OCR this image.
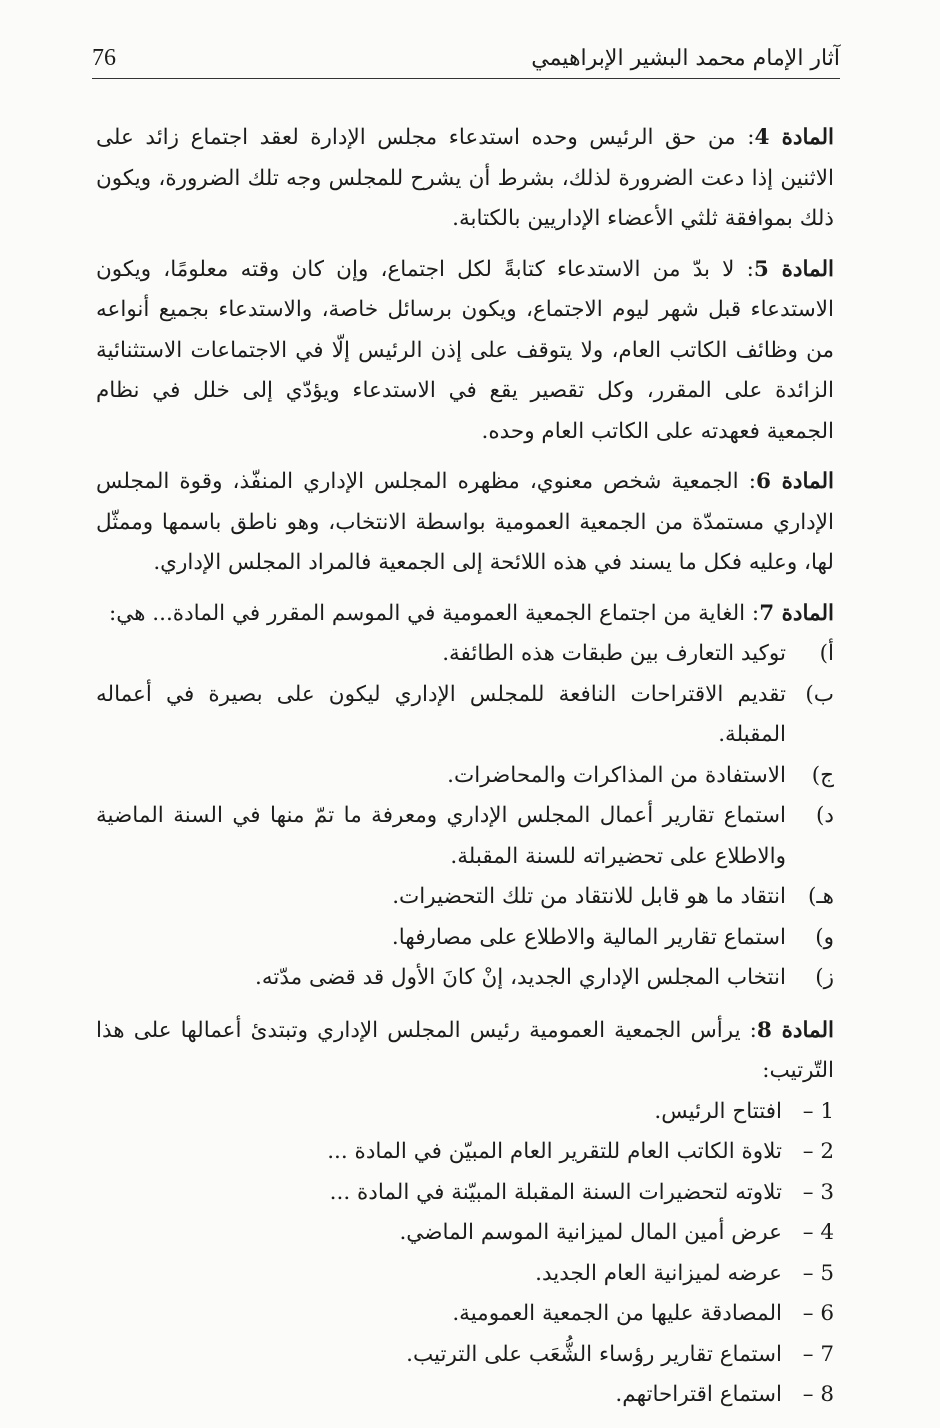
آثار الإمام محمد البشير الإبراهيمي
76

المادة 4: من حق الرئيس وحده استدعاء مجلس الإدارة لعقد اجتماع زائد على الاثنين إذا دعت الضرورة لذلك، بشرط أن يشرح للمجلس وجه تلك الضرورة، ويكون ذلك بموافقة ثلثي الأعضاء الإداريين بالكتابة.

المادة 5: لا بدّ من الاستدعاء كتابةً لكل اجتماع، وإن كان وقته معلومًا، ويكون الاستدعاء قبل شهر ليوم الاجتماع، ويكون برسائل خاصة، والاستدعاء بجميع أنواعه من وظائف الكاتب العام، ولا يتوقف على إذن الرئيس إلّا في الاجتماعات الاستثنائية الزائدة على المقرر، وكل تقصير يقع في الاستدعاء ويؤدّي إلى خلل في نظام الجمعية فعهدته على الكاتب العام وحده.

المادة 6: الجمعية شخص معنوي، مظهره المجلس الإداري المنفّذ، وقوة المجلس الإداري مستمدّة من الجمعية العمومية بواسطة الانتخاب، وهو ناطق باسمها وممثّل لها، وعليه فكل ما يسند في هذه اللائحة إلى الجمعية فالمراد المجلس الإداري.

المادة 7: الغاية من اجتماع الجمعية العمومية في الموسم المقرر في المادة... هي:

أ)
توكيد التعارف بين طبقات هذه الطائفة.
ب)
تقديم الاقتراحات النافعة للمجلس الإداري ليكون على بصيرة في أعماله المقبلة.
ج)
الاستفادة من المذاكرات والمحاضرات.
د)
استماع تقارير أعمال المجلس الإداري ومعرفة ما تمّ منها في السنة الماضية والاطلاع على تحضيراته للسنة المقبلة.
هـ)
انتقاد ما هو قابل للانتقاد من تلك التحضيرات.
و)
استماع تقارير المالية والاطلاع على مصارفها.
ز)
انتخاب المجلس الإداري الجديد، إنْ كانَ الأول قد قضى مدّته.

المادة 8: يرأس الجمعية العمومية رئيس المجلس الإداري وتبتدئ أعمالها على هذا التّرتيب:

1 –
افتتاح الرئيس.
2 –
تلاوة الكاتب العام للتقرير العام المبيّن في المادة ...
3 –
تلاوته لتحضيرات السنة المقبلة المبيّنة في المادة ...
4 –
عرض أمين المال لميزانية الموسم الماضي.
5 –
عرضه لميزانية العام الجديد.
6 –
المصادقة عليها من الجمعية العمومية.
7 –
استماع تقارير رؤساء الشُّعَب على الترتيب.
8 –
استماع اقتراحاتهم.
